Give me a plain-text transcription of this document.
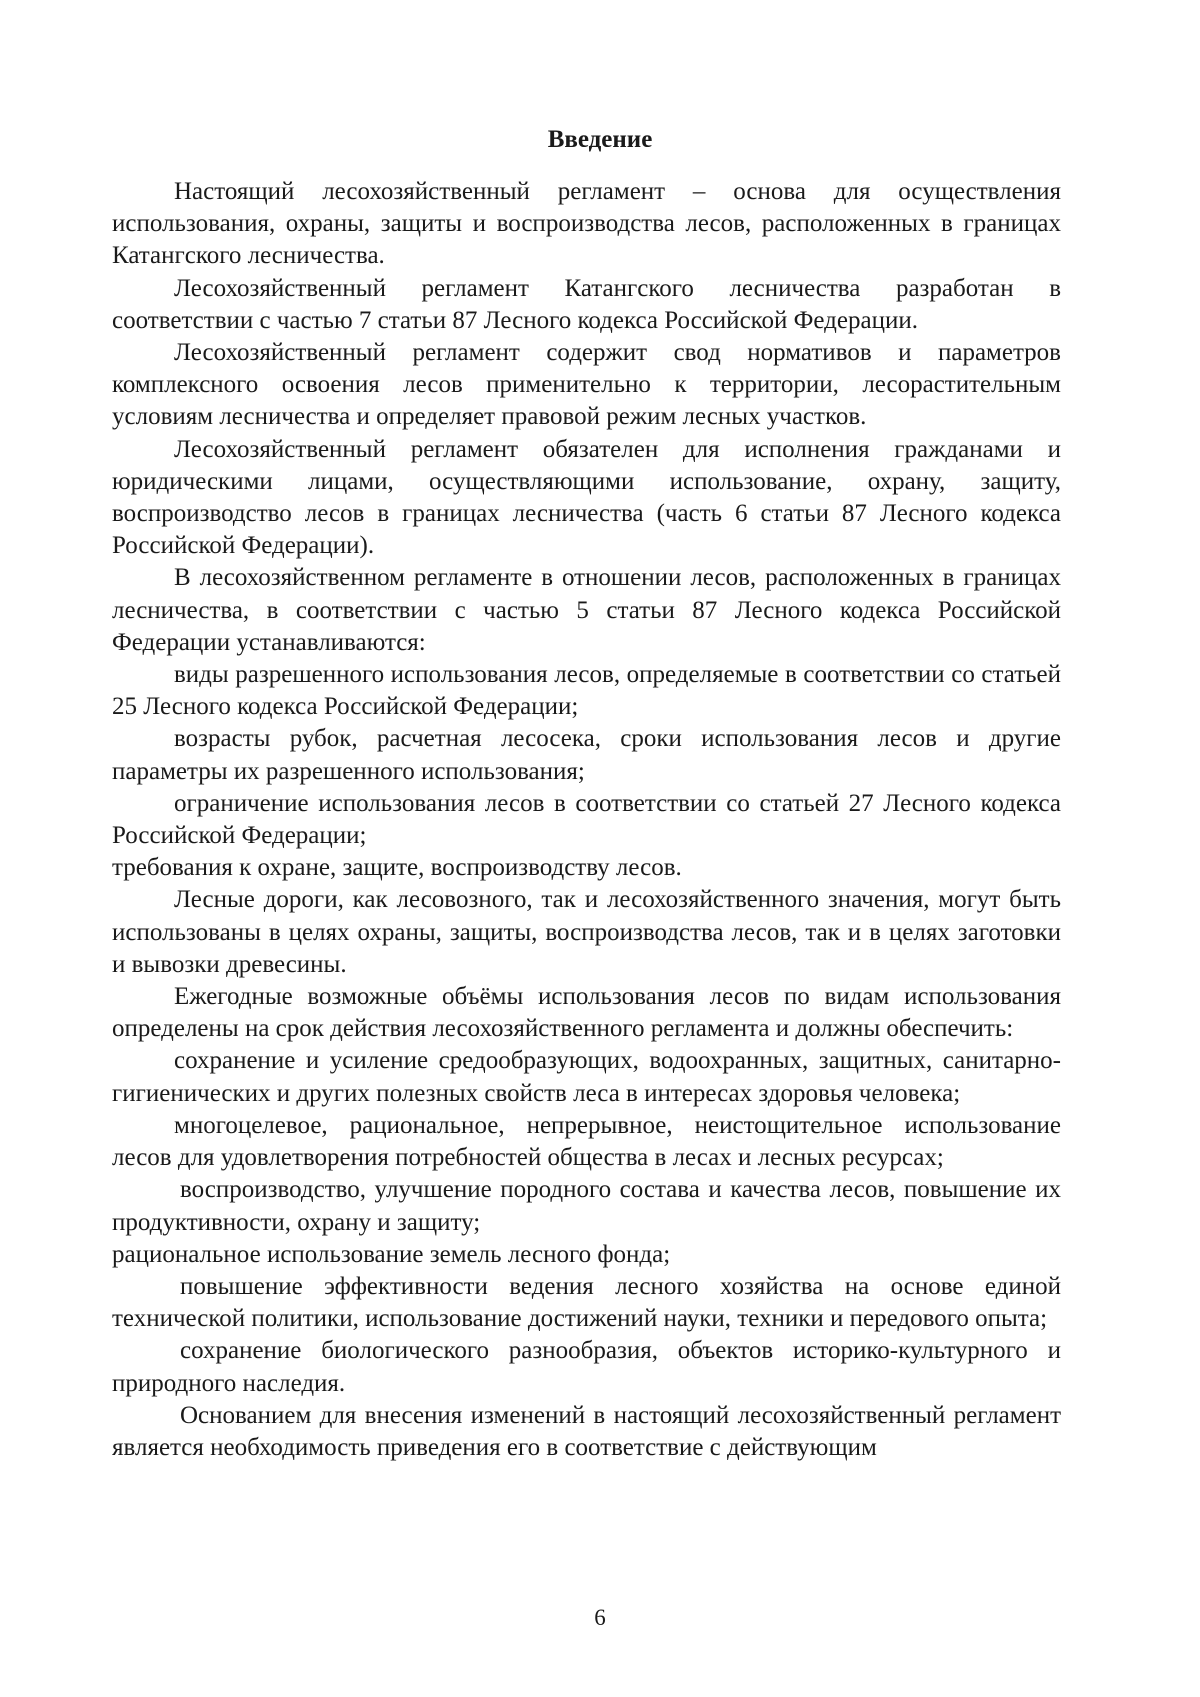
Введение

Настоящий лесохозяйственный регламент – основа для осуществления использования, охраны, защиты и воспроизводства лесов, расположенных в границах Катангского лесничества.

Лесохозяйственный регламент Катангского лесничества разработан в соответствии с частью 7 статьи 87 Лесного кодекса Российской Федерации.

Лесохозяйственный регламент содержит свод нормативов и параметров комплексного освоения лесов применительно к территории, лесорастительным условиям лесничества и определяет правовой режим лесных участков.

Лесохозяйственный регламент обязателен для исполнения гражданами и юридическими лицами, осуществляющими использование, охрану, защиту, воспроизводство лесов в границах лесничества (часть 6 статьи 87 Лесного кодекса Российской Федерации).

В лесохозяйственном регламенте в отношении лесов, расположенных в границах лесничества, в соответствии с частью 5 статьи 87 Лесного кодекса Российской Федерации устанавливаются:

виды разрешенного использования лесов, определяемые в соответствии со статьей 25 Лесного кодекса Российской Федерации;

возрасты рубок, расчетная лесосека, сроки использования лесов и другие параметры их разрешенного использования;

ограничение использования лесов в соответствии со статьей 27 Лесного кодекса Российской Федерации;

требования к охране, защите, воспроизводству лесов.

Лесные дороги, как лесовозного, так и лесохозяйственного значения, могут быть использованы в целях охраны, защиты, воспроизводства лесов, так и в целях заготовки и вывозки древесины.

Ежегодные возможные объёмы использования лесов по видам использования определены на срок действия лесохозяйственного регламента и должны обеспечить:

сохранение и усиление средообразующих, водоохранных, защитных, санитарно-гигиенических и других полезных свойств леса в интересах здоровья человека;

многоцелевое, рациональное, непрерывное, неистощительное использование лесов для удовлетворения потребностей общества в лесах и лесных ресурсах;

воспроизводство, улучшение породного состава и качества лесов, повышение их продуктивности, охрану и защиту;

рациональное использование земель лесного фонда;

повышение эффективности ведения лесного хозяйства на основе единой технической политики, использование достижений науки, техники и передового опыта;

сохранение биологического разнообразия, объектов историко-культурного и природного наследия.

Основанием для внесения изменений в настоящий лесохозяйственный регламент является необходимость приведения его в соответствие с действующим

6
